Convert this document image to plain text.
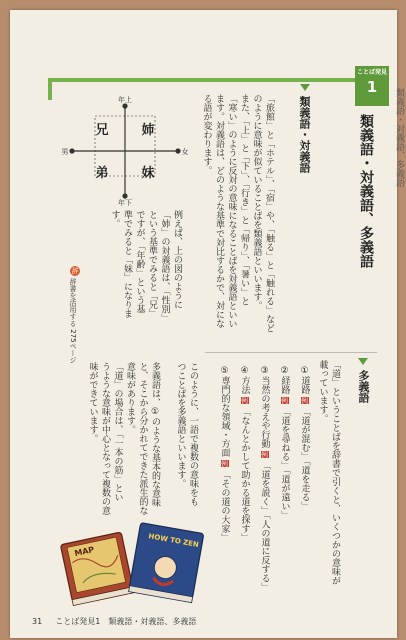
ことば発見
1
類義語・対義語、多義語
類義語・対義語
「旅館」と「ホテル」、「宿」や、「触る」と「触れる」など
のように意味が似ていることばを類義語といいます。
また、「上」と「下」、「行き」と「帰り」、「暑い」と
「寒い」のように反対の意味になることばを対義語といい
ます。対義語は、どのような基準で対比するかで、対にな
る語が変わります。
年上
年下
男	女
兄	姉
弟	妹
例えば、上の図のように
「姉」の対義語は、「性別」
という基準でみると「兄」
ですが、「年齢」という基
準でみると「妹」になりま
す。
辞
辞書を活用する 275ページ
多義語
「道」ということばを辞書で引くと、いくつかの意味が
載っています。
①道路例「道が混む」「道を走る」
②経路例「道を尋ねる」「道が遠い」
③当然の考えや行動例「道を説く」「人の道に反する」
④方法例「なんとかして助かる道を探す」
⑤専門的な領域・方面例「その道の大家」
このように、一語で複数の意味をも
つことばを多義語といいます。
多義語は、①のような基本的な意味
と、そこから分かれてできた派生的な
意味があります。
「道」の場合は、「一本の筋」とい
うような意味が中心となって複数の意
味ができています。
MAP
HOW TO ZEN
類義語・対義語、多義語
31 ことば発見1　類義語・対義語、多義語
